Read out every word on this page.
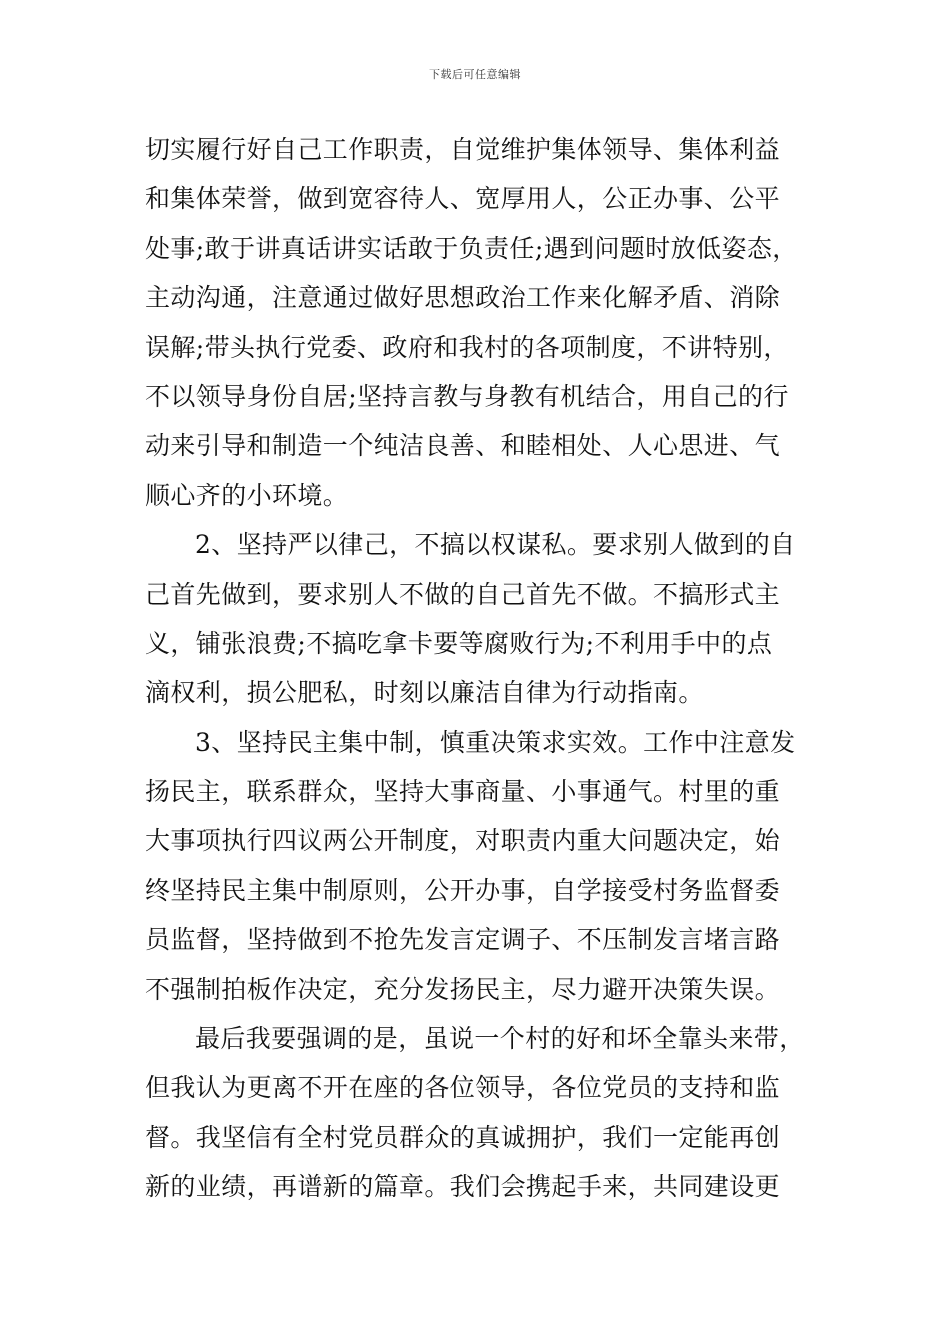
下载后可任意编辑
切实履行好自己工作职责，自觉维护集体领导、集体利益
和集体荣誉，做到宽容待人、宽厚用人，公正办事、公平
处事;敢于讲真话讲实话敢于负责任;遇到问题时放低姿态，
主动沟通，注意通过做好思想政治工作来化解矛盾、消除
误解;带头执行党委、政府和我村的各项制度，不讲特别，
不以领导身份自居;坚持言教与身教有机结合，用自己的行
动来引导和制造一个纯洁良善、和睦相处、人心思进、气
顺心齐的小环境。
2、坚持严以律己，不搞以权谋私。要求别人做到的自
己首先做到，要求别人不做的自己首先不做。不搞形式主
义，铺张浪费;不搞吃拿卡要等腐败行为;不利用手中的点
滴权利，损公肥私，时刻以廉洁自律为行动指南。
3、坚持民主集中制，慎重决策求实效。工作中注意发
扬民主，联系群众，坚持大事商量、小事通气。村里的重
大事项执行四议两公开制度，对职责内重大问题决定，始
终坚持民主集中制原则，公开办事，自学接受村务监督委
员监督，坚持做到不抢先发言定调子、不压制发言堵言路
不强制拍板作决定，充分发扬民主，尽力避开决策失误。
最后我要强调的是，虽说一个村的好和坏全靠头来带，
但我认为更离不开在座的各位领导，各位党员的支持和监
督。我坚信有全村党员群众的真诚拥护，我们一定能再创
新的业绩，再谱新的篇章。我们会携起手来，共同建设更
